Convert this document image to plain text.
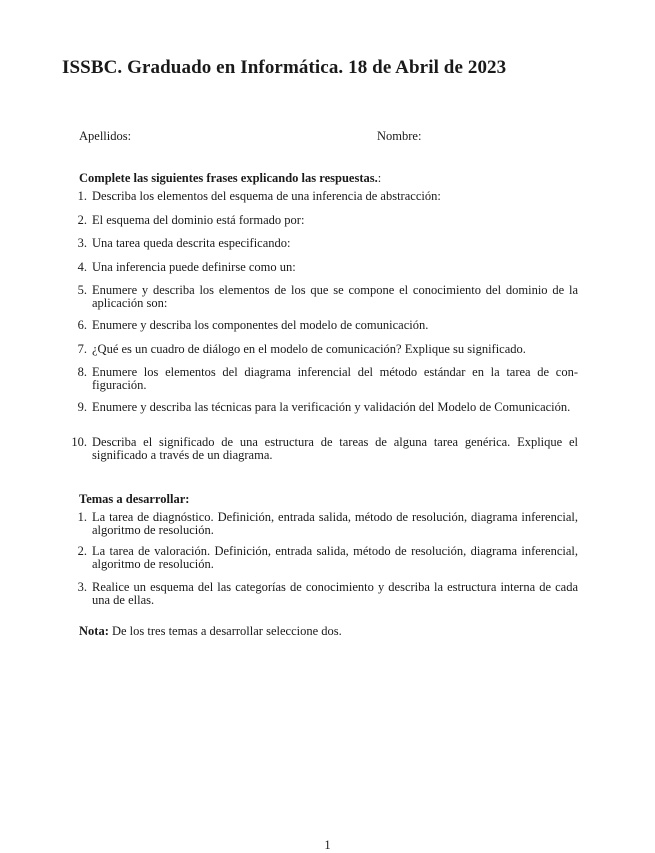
ISSBC. Graduado en Informática. 18 de Abril de 2023
Apellidos:	Nombre:
Complete las siguientes frases explicando las respuestas.:
1. Describa los elementos del esquema de una inferencia de abstracción:
2. El esquema del dominio está formado por:
3. Una tarea queda descrita especificando:
4. Una inferencia puede definirse como un:
5. Enumere y describa los elementos de los que se compone el conocimiento del dominio de la aplicación son:
6. Enumere y describa los componentes del modelo de comunicación.
7. ¿Qué es un cuadro de diálogo en el modelo de comunicación? Explique su significado.
8. Enumere los elementos del diagrama inferencial del método estándar en la tarea de configuración.
9. Enumere y describa las técnicas para la verificación y validación del Modelo de Comunicación.
10. Describa el significado de una estructura de tareas de alguna tarea genérica. Explique el significado a través de un diagrama.
Temas a desarrollar:
1. La tarea de diagnóstico. Definición, entrada salida, método de resolución, diagrama inferencial, algoritmo de resolución.
2. La tarea de valoración. Definición, entrada salida, método de resolución, diagrama inferencial, algoritmo de resolución.
3. Realice un esquema del las categorías de conocimiento y describa la estructura interna de cada una de ellas.
Nota: De los tres temas a desarrollar seleccione dos.
1
